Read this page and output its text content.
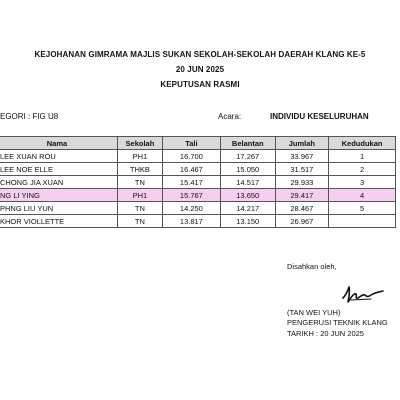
KEJOHANAN GIMRAMA MAJLIS SUKAN SEKOLAH-SEKOLAH DAERAH KLANG KE-5
20 JUN 2025
KEPUTUSAN RASMI
EGORI : FIG U8	Acara:	INDIVIDU KESELURUHAN
Nama	Sekolah	Tali	Belantan	Jumlah	Kedudukan
LEE XUAN ROU	PH1	16.700	17.267	33.967	1
LEE NOE ELLE	THKB	16.467	15.050	31.517	2
CHONG JIA XUAN	TN	15.417	14.517	29.933	3
NG LI YING	PH1	15.767	13.650	29.417	4
PHNG LIU YUN	TN	14.250	14.217	28.467	5
KHOR VIOLLETTE	TN	13.817	13.150	26.967	
Disahkan oleh,
(TAN WEI YUH)
PENGERUSI TEKNIK KLANG
TARIKH : 20 JUN 2025
